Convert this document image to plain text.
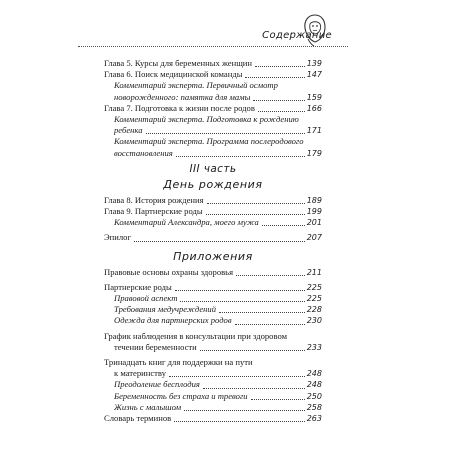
Содержание
Глава 5. Курсы для беременных женщин	139
Глава 6. Поиск медицинской команды	147
Комментарий эксперта. Первичный осмотр
новорожденного: памятка для мамы	159
Глава 7. Подготовка к жизни после родов	166
Комментарий эксперта. Подготовка к рождению
ребенка	171
Комментарий эксперта. Программа послеродового
восстановления	179
III часть
День рождения
Глава 8. История рождения	189
Глава 9. Партнерские роды	199
Комментарий Александра, моего мужа	201
Эпилог	207
Приложения
Правовые основы охраны здоровья	211
Партнерские роды	225
Правовой аспект	225
Требования медучреждений	228
Одежда для партнерских родов	230
График наблюдения в консультации при здоровом
течении беременности	233
Тринадцать книг для поддержки на пути
к материнству	248
Преодоление бесплодия	248
Беременность без страха и тревоги	250
Жизнь с малышом	258
Словарь терминов	263
